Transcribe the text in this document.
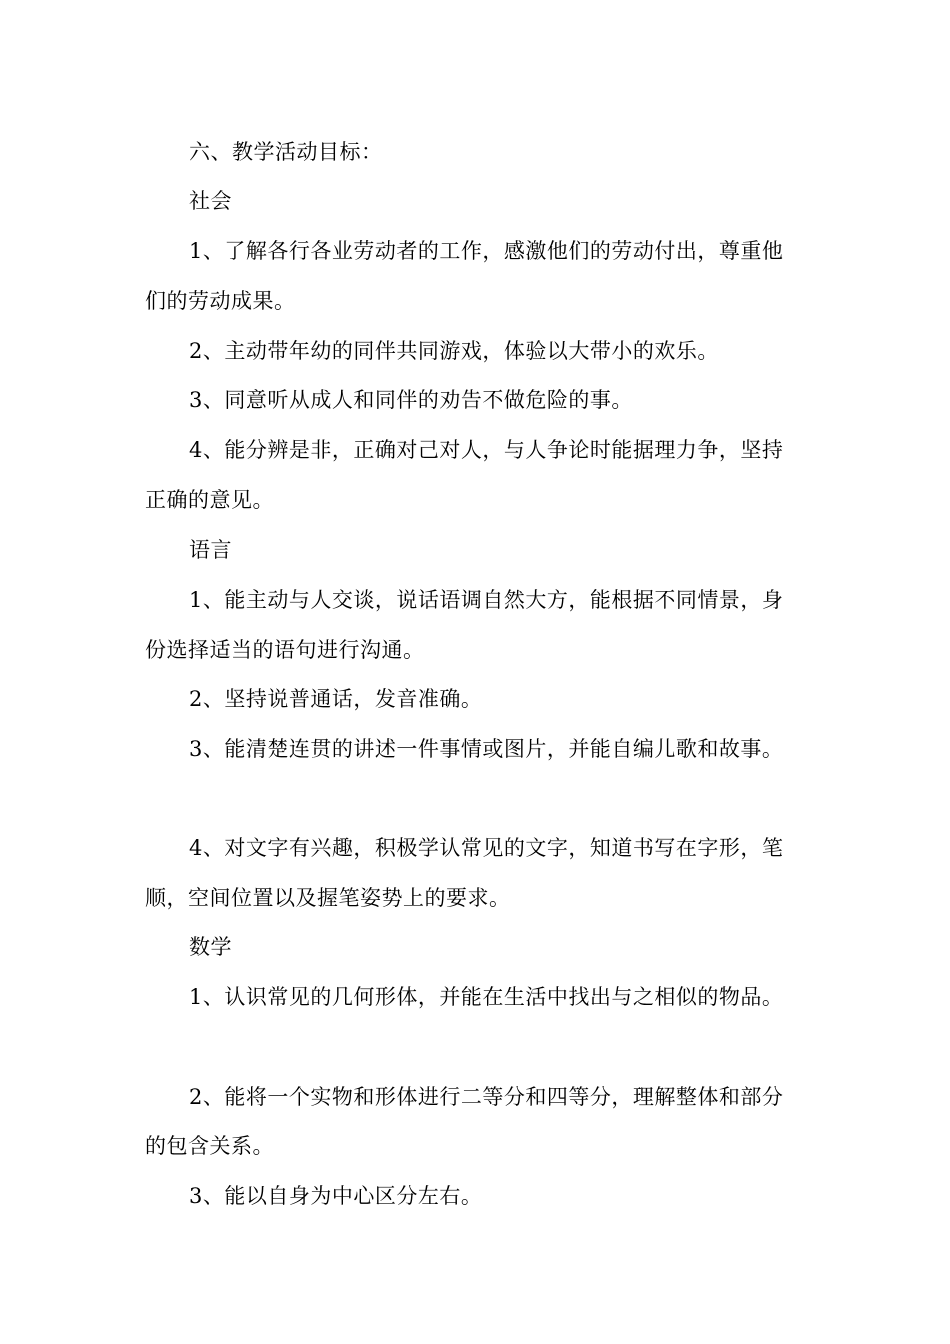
六、教学活动目标：
社会
1、了解各行各业劳动者的工作，感激他们的劳动付出，尊重他
们的劳动成果。
2、主动带年幼的同伴共同游戏，体验以大带小的欢乐。
3、同意听从成人和同伴的劝告不做危险的事。
4、能分辨是非，正确对己对人，与人争论时能据理力争，坚持
正确的意见。
语言
1、能主动与人交谈，说话语调自然大方，能根据不同情景，身
份选择适当的语句进行沟通。
2、坚持说普通话，发音准确。
3、能清楚连贯的讲述一件事情或图片，并能自编儿歌和故事。
4、对文字有兴趣，积极学认常见的文字，知道书写在字形，笔
顺，空间位置以及握笔姿势上的要求。
数学
1、认识常见的几何形体，并能在生活中找出与之相似的物品。
2、能将一个实物和形体进行二等分和四等分，理解整体和部分
的包含关系。
3、能以自身为中心区分左右。
